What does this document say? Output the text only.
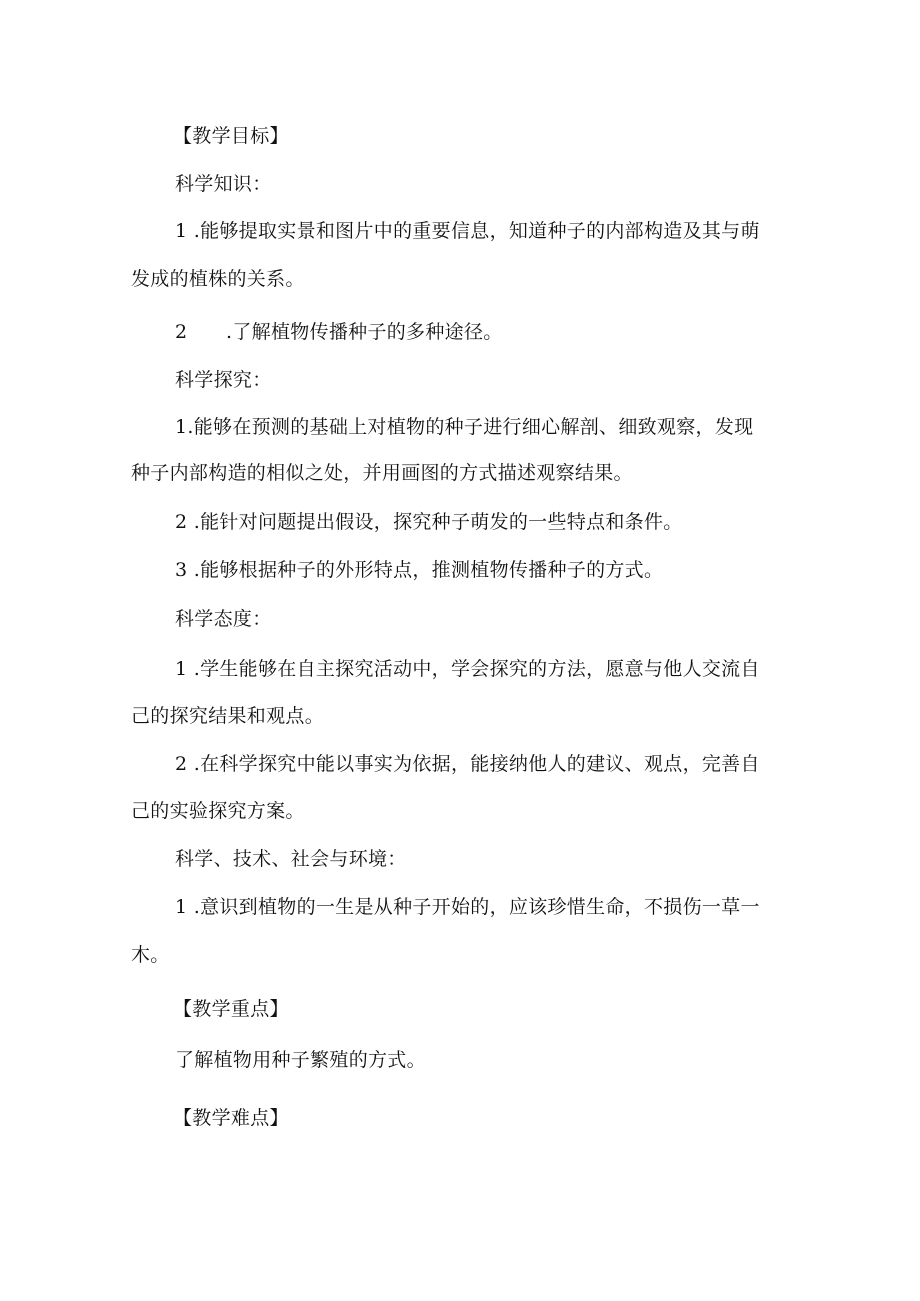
【教学目标】
科学知识：
1 .能够提取实景和图片中的重要信息，知道种子的内部构造及其与萌
发成的植株的关系。
2 .了解植物传播种子的多种途径。
科学探究：
1.能够在预测的基础上对植物的种子进行细心解剖、细致观察，发现
种子内部构造的相似之处，并用画图的方式描述观察结果。
2 .能针对问题提出假设，探究种子萌发的一些特点和条件。
3 .能够根据种子的外形特点，推测植物传播种子的方式。
科学态度：
1 .学生能够在自主探究活动中，学会探究的方法，愿意与他人交流自
己的探究结果和观点。
2 .在科学探究中能以事实为依据，能接纳他人的建议、观点，完善自
己的实验探究方案。
科学、技术、社会与环境：
1 .意识到植物的一生是从种子开始的，应该珍惜生命，不损伤一草一
木。
【教学重点】
了解植物用种子繁殖的方式。
【教学难点】
